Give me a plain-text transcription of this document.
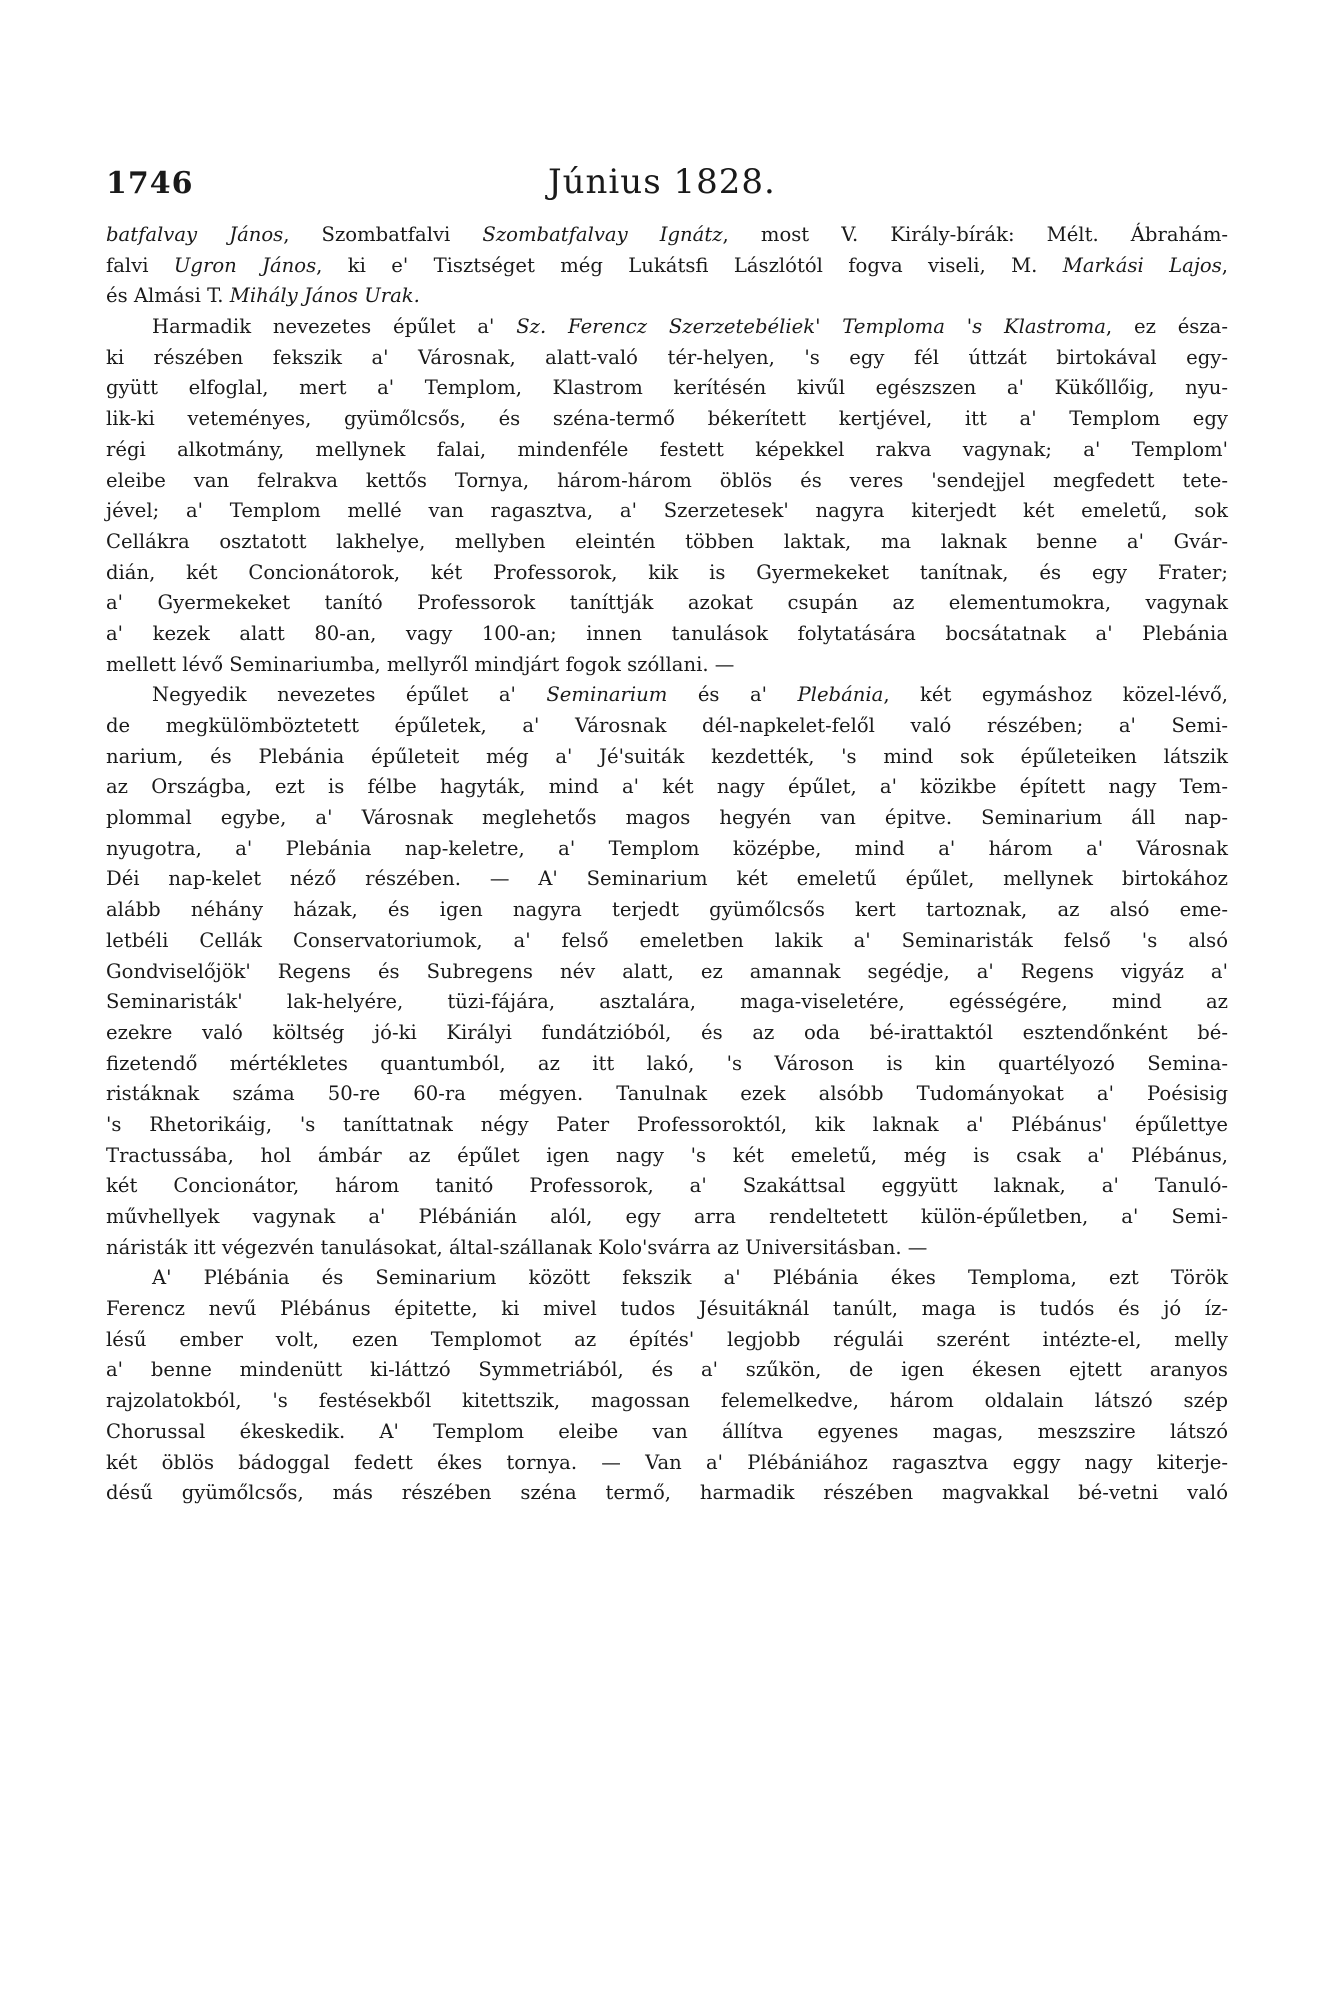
1746	Június 1828.
batfalvay János, Szombatfalvi Szombatfalvay Ignátz, most V. Király-bírák: Mélt. Ábrahám-
falvi Ugron János, ki e' Tisztséget még Lukátsfi Lászlótól fogva viseli, M. Markási Lajos,
és Almási T. Mihály János Urak.
Harmadik nevezetes épűlet a' Sz. Ferencz Szerzetebéliek' Temploma 's Klastroma, ez észa-
ki részében fekszik a' Városnak, alatt-való tér-helyen, 's egy fél úttzát birtokával egy-
gyütt elfoglal, mert a' Templom, Klastrom kerítésén kivűl egészszen a' Kükőllőig, nyu-
lik-ki veteményes, gyümőlcsős, és széna-termő békerített kertjével, itt a' Templom egy
régi alkotmány, mellynek falai, mindenféle festett képekkel rakva vagynak; a' Templom'
eleibe van felrakva kettős Tornya, három-három öblös és veres 'sendejjel megfedett tete-
jével; a' Templom mellé van ragasztva, a' Szerzetesek' nagyra kiterjedt két emeletű, sok
Cellákra osztatott lakhelye, mellyben eleintén többen laktak, ma laknak benne a' Gvár-
dián, két Concionátorok, két Professorok, kik is Gyermekeket tanítnak, és egy Frater;
a' Gyermekeket tanító Professorok taníttják azokat csupán az elementumokra, vagynak
a' kezek alatt 80-an, vagy 100-an; innen tanulások folytatására bocsátatnak a' Plebánia
mellett lévő Seminariumba, mellyről mindjárt fogok szóllani. —
Negyedik nevezetes épűlet a' Seminarium és a' Plebánia, két egymáshoz közel-lévő,
de megkülömböztetett épűletek, a' Városnak dél-napkelet-felől való részében; a' Semi-
narium, és Plebánia épűleteit még a' Jé'suiták kezdették, 's mind sok épűleteiken látszik
az Országba, ezt is félbe hagyták, mind a' két nagy épűlet, a' közikbe épített nagy Tem-
plommal egybe, a' Városnak meglehetős magos hegyén van épitve. Seminarium áll nap-
nyugotra, a' Plebánia nap-keletre, a' Templom középbe, mind a' három a' Városnak
Déi nap-kelet néző részében. — A' Seminarium két emeletű épűlet, mellynek birtokához
alább néhány házak, és igen nagyra terjedt gyümőlcsős kert tartoznak, az alsó eme-
letbéli Cellák Conservatoriumok, a' felső emeletben lakik a' Seminaristák felső 's alsó
Gondviselőjök' Regens és Subregens név alatt, ez amannak segédje, a' Regens vigyáz a'
Seminaristák' lak-helyére, tüzi-fájára, asztalára, maga-viseletére, egésségére, mind az
ezekre való költség jó-ki Királyi fundátzióból, és az oda bé-irattaktól esztendőnként bé-
fizetendő mértékletes quantumból, az itt lakó, 's Városon is kin quartélyozó Semina-
ristáknak száma 50-re 60-ra mégyen. Tanulnak ezek alsóbb Tudományokat a' Poésisig
's Rhetorikáig, 's taníttatnak négy Pater Professoroktól, kik laknak a' Plébánus' épűlettye
Tractussába, hol ámbár az épűlet igen nagy 's két emeletű, még is csak a' Plébánus,
két Concionátor, három tanitó Professorok, a' Szakáttsal eggyütt laknak, a' Tanuló-
művhellyek vagynak a' Plébánián alól, egy arra rendeltetett külön-épűletben, a' Semi-
náristák itt végezvén tanulásokat, által-szállanak Kolo'svárra az Universitásban. —
A' Plébánia és Seminarium között fekszik a' Plébánia ékes Temploma, ezt Török
Ferencz nevű Plébánus épitette, ki mivel tudos Jésuitáknál tanúlt, maga is tudós és jó íz-
lésű ember volt, ezen Templomot az építés' legjobb régulái szerént intézte-el, melly
a' benne mindenütt ki-láttzó Symmetriából, és a' szűkön, de igen ékesen ejtett aranyos
rajzolatokból, 's festésekből kitettszik, magossan felemelkedve, három oldalain látszó szép
Chorussal ékeskedik. A' Templom eleibe van állítva egyenes magas, meszszire látszó
két öblös bádoggal fedett ékes tornya. — Van a' Plébániához ragasztva eggy nagy kiterje-
désű gyümőlcsős, más részében széna termő, harmadik részében magvakkal bé-vetni való
